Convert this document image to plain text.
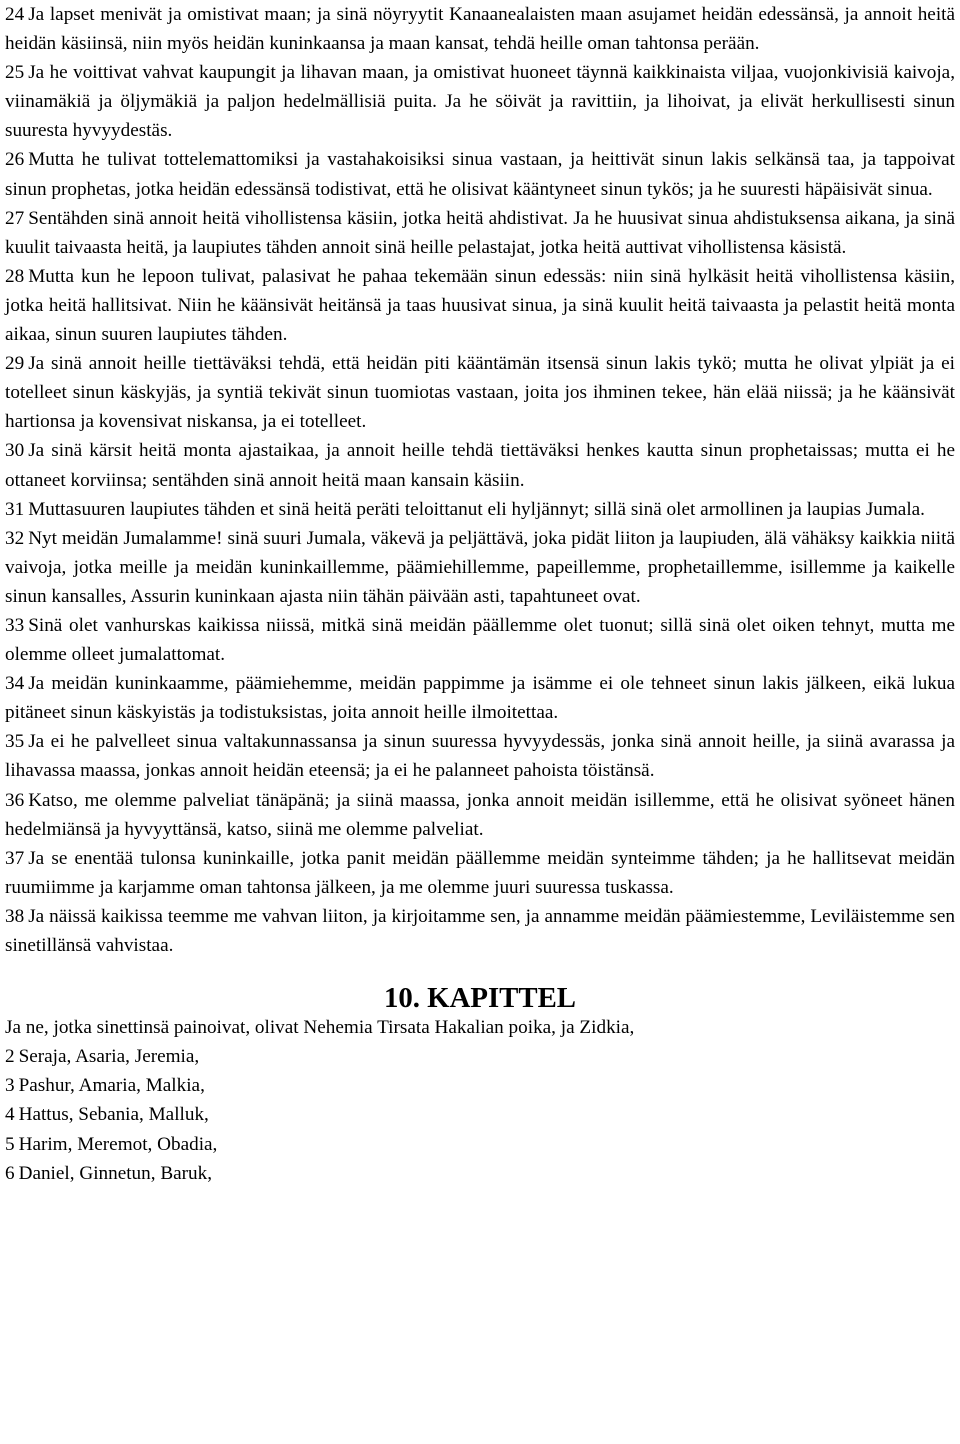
24 Ja lapset menivät ja omistivat maan; ja sinä nöyryytit Kanaanealaisten maan asujamet heidän edessänsä, ja annoit heitä heidän käsiinsä, niin myös heidän kuninkaansa ja maan kansat, tehdä heille oman tahtonsa perään.

25 Ja he voittivat vahvat kaupungit ja lihavan maan, ja omistivat huoneet täynnä kaikkinaista viljaa, vuojonkivisiä kaivoja, viinamäkiä ja öljymäkiä ja paljon hedelmällisiä puita. Ja he söivät ja ravittiin, ja lihoivat, ja elivät herkullisesti sinun suuresta hyvyydestäs.

26 Mutta he tulivat tottelemattomiksi ja vastahakoisiksi sinua vastaan, ja heittivät sinun lakis selkänsä taa, ja tappoivat sinun prophetas, jotka heidän edessänsä todistivat, että he olisivat kääntyneet sinun tykös; ja he suuresti häpäisivät sinua.

27 Sentähden sinä annoit heitä vihollistensa käsiin, jotka heitä ahdistivat. Ja he huusivat sinua ahdistuksensa aikana, ja sinä kuulit taivaasta heitä, ja laupiutes tähden annoit sinä heille pelastajat, jotka heitä auttivat vihollistensa käsistä.

28 Mutta kun he lepoon tulivat, palasivat he pahaa tekemään sinun edessäs: niin sinä hylkäsit heitä vihollistensa käsiin, jotka heitä hallitsivat. Niin he käänsivät heitänsä ja taas huusivat sinua, ja sinä kuulit heitä taivaasta ja pelastit heitä monta aikaa, sinun suuren laupiutes tähden.

29 Ja sinä annoit heille tiettäväksi tehdä, että heidän piti kääntämän itsensä sinun lakis tykö; mutta he olivat ylpiät ja ei totelleet sinun käskyjäs, ja syntiä tekivät sinun tuomiotas vastaan, joita jos ihminen tekee, hän elää niissä; ja he käänsivät hartionsa ja kovensivat niskansa, ja ei totelleet.

30 Ja sinä kärsit heitä monta ajastaikaa, ja annoit heille tehdä tiettäväksi henkes kautta sinun prophetaissas; mutta ei he ottaneet korviinsa; sentähden sinä annoit heitä maan kansain käsiin.

31 Muttasuuren laupiutes tähden et sinä heitä peräti teloittanut eli hyljännyt; sillä sinä olet armollinen ja laupias Jumala.

32 Nyt meidän Jumalamme! sinä suuri Jumala, väkevä ja peljättävä, joka pidät liiton ja laupiuden, älä vähäksy kaikkia niitä vaivoja, jotka meille ja meidän kuninkaillemme, päämiehillemme, papeillemme, prophetaillemme, isillemme ja kaikelle sinun kansalles, Assurin kuninkaan ajasta niin tähän päivään asti, tapahtuneet ovat.

33 Sinä olet vanhurskas kaikissa niissä, mitkä sinä meidän päällemme olet tuonut; sillä sinä olet oiken tehnyt, mutta me olemme olleet jumalattomat.

34 Ja meidän kuninkaamme, päämiehemme, meidän pappimme ja isämme ei ole tehneet sinun lakis jälkeen, eikä lukua pitäneet sinun käskyistäs ja todistuksistas, joita annoit heille ilmoitettaa.

35 Ja ei he palvelleet sinua valtakunnassansa ja sinun suuressa hyvyydessäs, jonka sinä annoit heille, ja siinä avarassa ja lihavassa maassa, jonkas annoit heidän eteensä; ja ei he palanneet pahoista töistänsä.

36 Katso, me olemme palveliat tänäpänä; ja siinä maassa, jonka annoit meidän isillemme, että he olisivat syöneet hänen hedelmiänsä ja hyvyyttänsä, katso, siinä me olemme palveliat.

37 Ja se enentää tulonsa kuninkaille, jotka panit meidän päällemme meidän synteimme tähden; ja he hallitsevat meidän ruumiimme ja karjamme oman tahtonsa jälkeen, ja me olemme juuri suuressa tuskassa.

38 Ja näissä kaikissa teemme me vahvan liiton, ja kirjoitamme sen, ja annamme meidän päämiestemme, Leviläistemme sen sinetillänsä vahvistaa.

10. KAPITTEL

Ja ne, jotka sinettinsä painoivat, olivat Nehemia Tirsata Hakalian poika, ja Zidkia,

2 Seraja, Asaria, Jeremia,

3 Pashur, Amaria, Malkia,

4 Hattus, Sebania, Malluk,

5 Harim, Meremot, Obadia,

6 Daniel, Ginnetun, Baruk,
